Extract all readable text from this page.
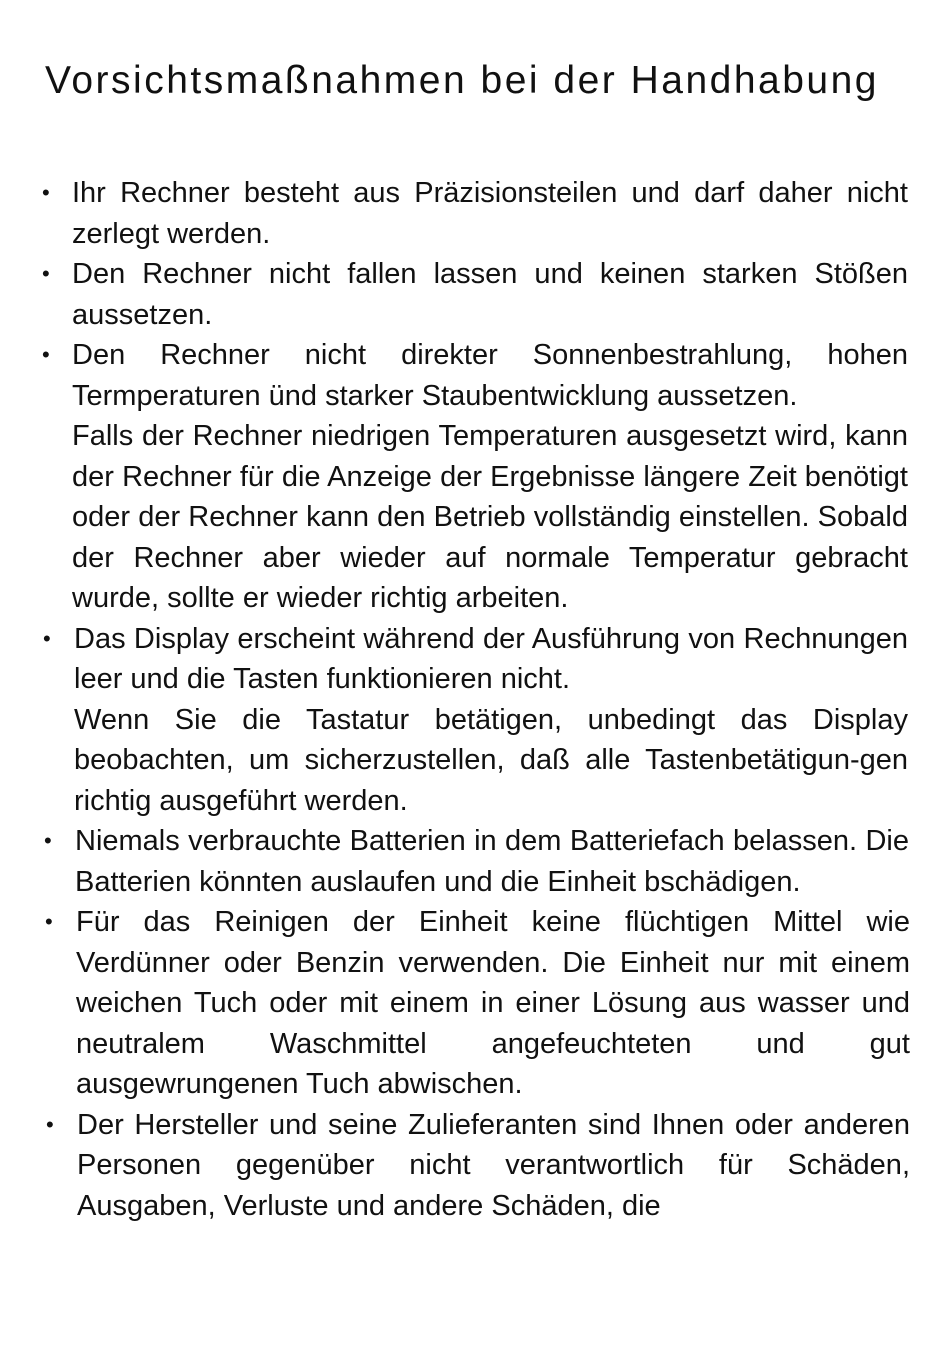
Vorsichtsmaßnahmen bei der Handhabung
• Ihr Rechner besteht aus Präzisionsteilen und darf daher nicht zerlegt werden.

• Den Rechner nicht fallen lassen und keinen starken Stößen aussetzen.

• Den Rechner nicht direkter Sonnenbestrahlung, hohen Termperaturen ünd starker Staubentwicklung aussetzen.

Falls der Rechner niedrigen Temperaturen ausgesetzt wird, kann der Rechner für die Anzeige der Ergebnisse längere Zeit benötigt oder der Rechner kann den Betrieb vollständig einstellen. Sobald der Rechner aber wieder auf normale Temperatur gebracht wurde, sollte er wieder richtig arbeiten.

• Das Display erscheint während der Ausführung von Rechnungen leer und die Tasten funktionieren nicht.

Wenn Sie die Tastatur betätigen, unbedingt das Display beobachten, um sicherzustellen, daß alle Tastenbetätigun-gen richtig ausgeführt werden.

• Niemals verbrauchte Batterien in dem Batteriefach belassen. Die Batterien könnten auslaufen und die Einheit bschädigen.

• Für das Reinigen der Einheit keine flüchtigen Mittel wie Verdünner oder Benzin verwenden. Die Einheit nur mit einem weichen Tuch oder mit einem in einer Lösung aus wasser und neutralem Waschmittel angefeuchteten und gut ausgewrungenen Tuch abwischen.

• Der Hersteller und seine Zulieferanten sind Ihnen oder anderen Personen gegenüber nicht verantwortlich für Schäden, Ausgaben, Verluste und andere Schäden, die
